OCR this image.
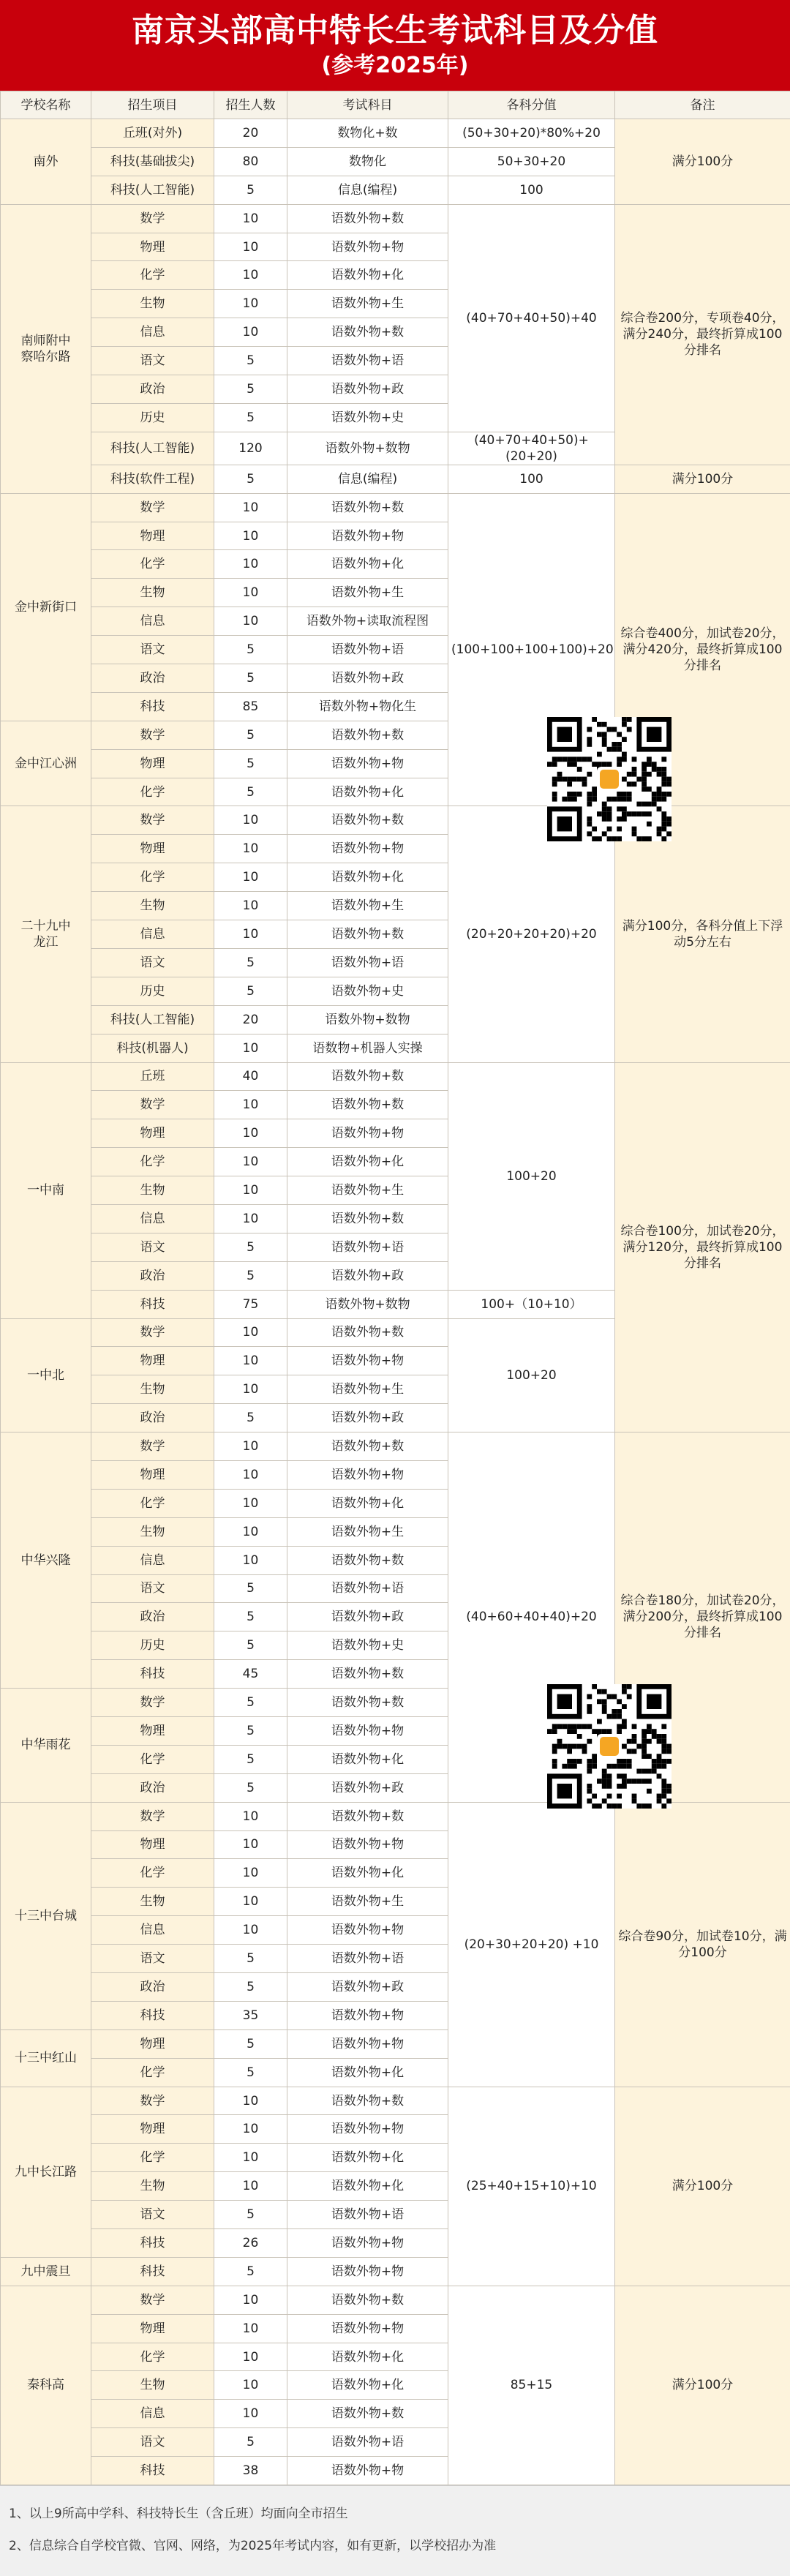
南京头部高中特长生考试科目及分值
(参考2025年)
学校名称	招生项目	招生人数	考试科目	各科分值	备注
南外	丘班(对外)	20	数物化+数	(50+30+20)*80%+20	满分100分
	科技(基础拔尖)	80	数物化	50+30+20	
	科技(人工智能)	5	信息(编程)	100	
南师附中
察哈尔路	数学	10	语数外物+数	(40+70+40+50)+40	综合卷200分，专项卷40分，满分240分，最终折算成100分排名
	物理	10	语数外物+物		
	化学	10	语数外物+化		
	生物	10	语数外物+生		
	信息	10	语数外物+数		
	语文	5	语数外物+语		
	政治	5	语数外物+政		
	历史	5	语数外物+史		
	科技(人工智能)	120	语数外物+数物	(40+70+40+50)+(20+20)	
	科技(软件工程)	5	信息(编程)	100	满分100分
金中新街口	数学	10	语数外物+数	(100+100+100+100)+20	综合卷400分，加试卷20分，满分420分，最终折算成100分排名
	物理	10	语数外物+物		
	化学	10	语数外物+化		
	生物	10	语数外物+生		
	信息	10	语数外物+读取流程图		
	语文	5	语数外物+语		
	政治	5	语数外物+政		
	科技	85	语数外物+物化生		
金中江心洲	数学	5	语数外物+数		
	物理	5	语数外物+物		
	化学	5	语数外物+化		
二十九中
龙江	数学	10	语数外物+数	(20+20+20+20)+20	满分100分，各科分值上下浮动5分左右
	物理	10	语数外物+物		
	化学	10	语数外物+化		
	生物	10	语数外物+生		
	信息	10	语数外物+数		
	语文	5	语数外物+语		
	历史	5	语数外物+史		
	科技(人工智能)	20	语数外物+数物		
	科技(机器人)	10	语数物+机器人实操		
一中南	丘班	40	语数外物+数	100+20	综合卷100分，加试卷20分，满分120分，最终折算成100分排名
	数学	10	语数外物+数		
	物理	10	语数外物+物		
	化学	10	语数外物+化		
	生物	10	语数外物+生		
	信息	10	语数外物+数		
	语文	5	语数外物+语		
	政治	5	语数外物+政		
	科技	75	语数外物+数物	100+（10+10）	
一中北	数学	10	语数外物+数	100+20	
	物理	10	语数外物+物		
	生物	10	语数外物+生		
	政治	5	语数外物+政		
中华兴隆	数学	10	语数外物+数	(40+60+40+40)+20	综合卷180分，加试卷20分，满分200分，最终折算成100分排名
	物理	10	语数外物+物		
	化学	10	语数外物+化		
	生物	10	语数外物+生		
	信息	10	语数外物+数		
	语文	5	语数外物+语		
	政治	5	语数外物+政		
	历史	5	语数外物+史		
	科技	45	语数外物+数		
中华雨花	数学	5	语数外物+数		
	物理	5	语数外物+物		
	化学	5	语数外物+化		
	政治	5	语数外物+政		
十三中台城	数学	10	语数外物+数	(20+30+20+20) +10	综合卷90分，加试卷10分，满分100分
	物理	10	语数外物+物		
	化学	10	语数外物+化		
	生物	10	语数外物+生		
	信息	10	语数外物+物		
	语文	5	语数外物+语		
	政治	5	语数外物+政		
	科技	35	语数外物+物		
十三中红山	物理	5	语数外物+物		
	化学	5	语数外物+化		
九中长江路	数学	10	语数外物+数	(25+40+15+10)+10	满分100分
	物理	10	语数外物+物		
	化学	10	语数外物+化		
	生物	10	语数外物+化		
	语文	5	语数外物+语		
	科技	26	语数外物+物		
九中震旦	科技	5	语数外物+物		
秦科高	数学	10	语数外物+数	85+15	满分100分
	物理	10	语数外物+物		
	化学	10	语数外物+化		
	生物	10	语数外物+化		
	信息	10	语数外物+数		
	语文	5	语数外物+语		
	科技	38	语数外物+物		
1、以上9所高中学科、科技特长生（含丘班）均面向全市招生
2、信息综合自学校官微、官网、网络，为2025年考试内容，如有更新，以学校招办为准
